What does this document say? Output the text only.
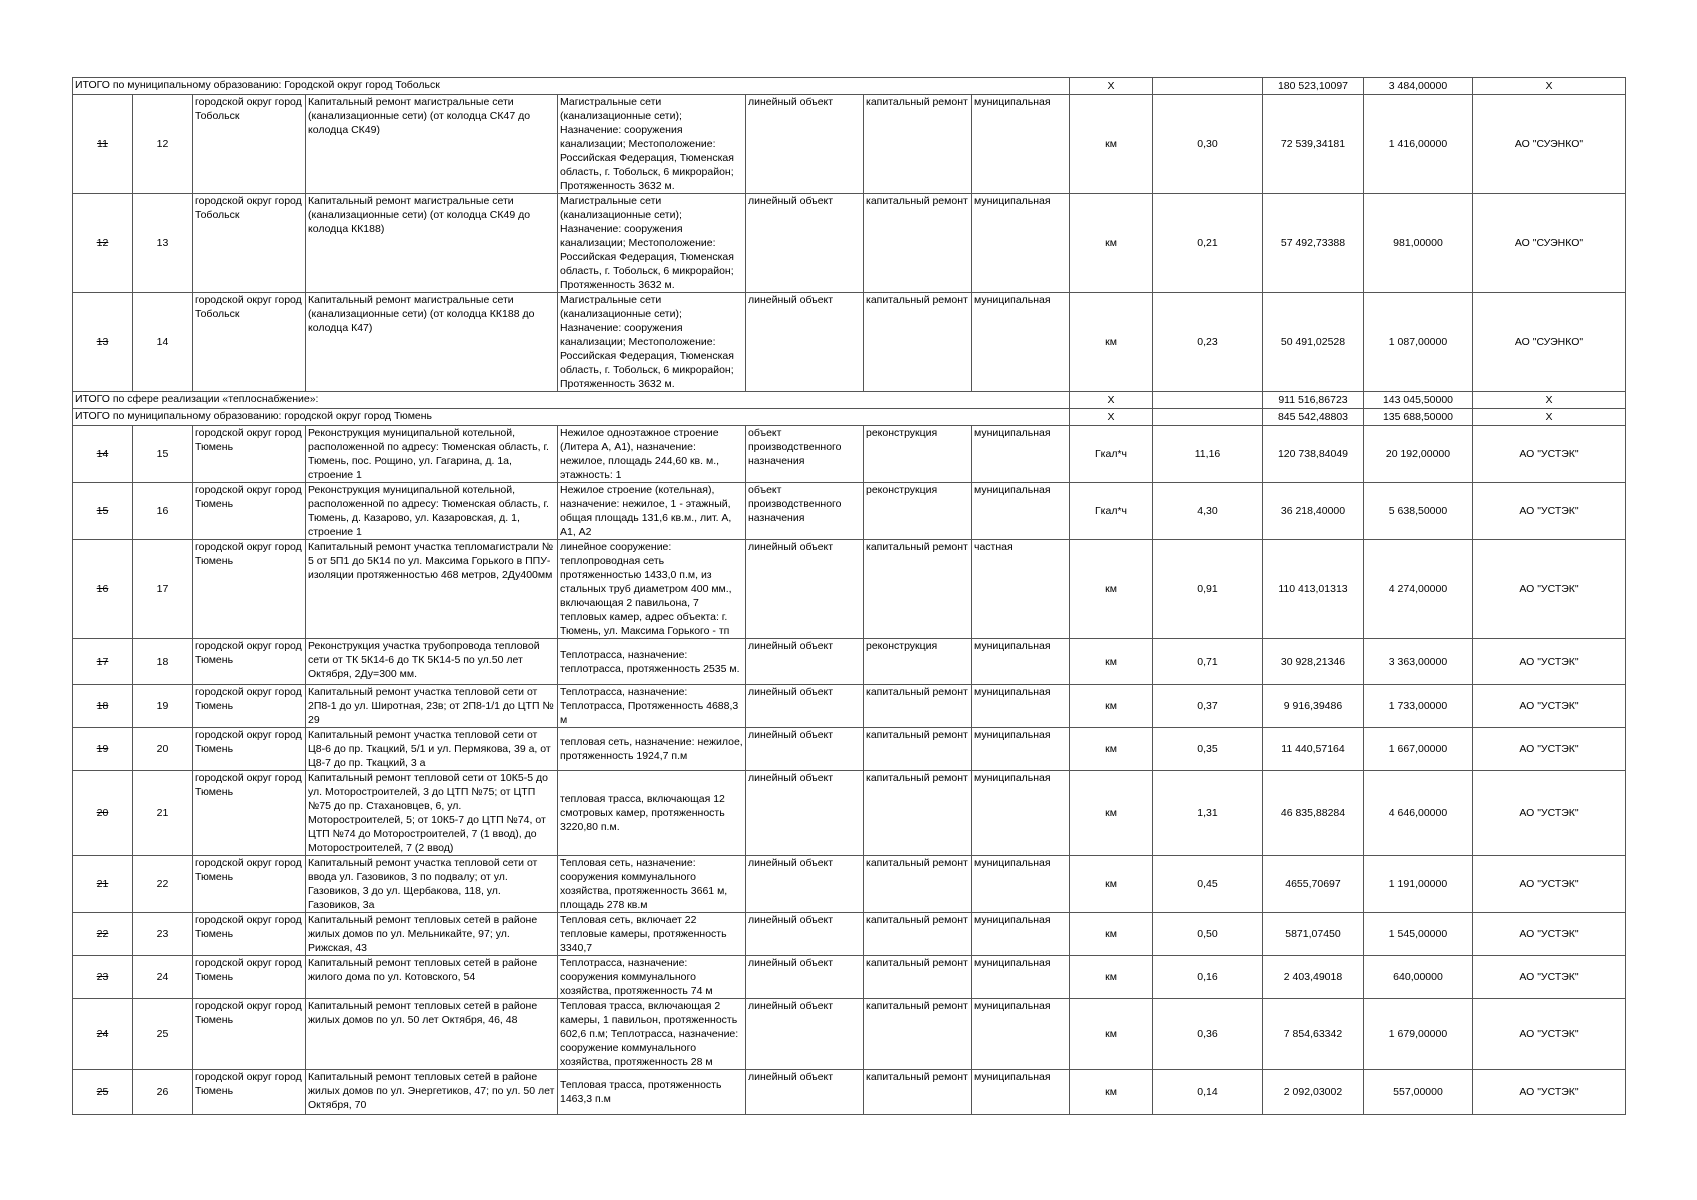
ИТОГО по муниципальному образованию: Городской округ город Тобольск								X		180 523,10097	3 484,00000	X
11	12	городской округ город Тобольск	Капитальный ремонт магистральные сети (канализационные сети) (от колодца СК47 до колодца СК49)	Магистральные сети (канализационные сети); Назначение: сооружения канализации; Местоположение: Российская Федерация, Тюменская область, г. Тобольск, 6 микрорайон; Протяженность 3632 м.	линейный объект	капитальный ремонт	муниципальная	км	0,30	72 539,34181	1 416,00000	АО "СУЭНКО"
12	13	городской округ город Тобольск	Капитальный ремонт магистральные сети (канализационные сети) (от колодца СК49 до колодца КК188)	Магистральные сети (канализационные сети); Назначение: сооружения канализации; Местоположение: Российская Федерация, Тюменская область, г. Тобольск, 6 микрорайон; Протяженность 3632 м.	линейный объект	капитальный ремонт	муниципальная	км	0,21	57 492,73388	981,00000	АО "СУЭНКО"
13	14	городской округ город Тобольск	Капитальный ремонт магистральные сети (канализационные сети) (от колодца КК188 до колодца К47)	Магистральные сети (канализационные сети); Назначение: сооружения канализации; Местоположение: Российская Федерация, Тюменская область, г. Тобольск, 6 микрорайон; Протяженность 3632 м.	линейный объект	капитальный ремонт	муниципальная	км	0,23	50 491,02528	1 087,00000	АО "СУЭНКО"
ИТОГО по сфере реализации «теплоснабжение»:								X		911 516,86723	143 045,50000	X
ИТОГО по муниципальному образованию: городской округ город Тюмень								X		845 542,48803	135 688,50000	X
14	15	городской округ город Тюмень	Реконструкция муниципальной котельной, расположенной по адресу: Тюменская область, г. Тюмень, пос. Рощино, ул. Гагарина, д. 1а, строение 1	Нежилое одноэтажное строение (Литера А, А1), назначение: нежилое, площадь 244,60 кв. м., этажность: 1	объект производственного назначения	реконструкция	муниципальная	Гкал*ч	11,16	120 738,84049	20 192,00000	АО "УСТЭК"
15	16	городской округ город Тюмень	Реконструкция муниципальной котельной, расположенной по адресу: Тюменская область, г. Тюмень, д. Казарово, ул. Казаровская, д. 1, строение 1	Нежилое строение (котельная), назначение: нежилое, 1 - этажный, общая площадь 131,6 кв.м., лит. А, А1, А2	объект производственного назначения	реконструкция	муниципальная	Гкал*ч	4,30	36 218,40000	5 638,50000	АО "УСТЭК"
16	17	городской округ город Тюмень	Капитальный ремонт участка тепломагистрали № 5 от 5П1 до 5К14 по ул. Максима Горького в ППУ-изоляции протяженностью 468 метров, 2Ду400мм	линейное сооружение: теплопроводная сеть протяженностью 1433,0 п.м, из стальных труб диаметром 400 мм., включающая 2 павильона, 7 тепловых камер, адрес объекта: г. Тюмень, ул. Максима Горького - тп	линейный объект	капитальный ремонт	частная	км	0,91	110 413,01313	4 274,00000	АО "УСТЭК"
17	18	городской округ город Тюмень	Реконструкция участка трубопровода тепловой сети от ТК 5К14-6 до ТК 5К14-5 по ул.50 лет Октября, 2Ду=300 мм.	Теплотрасса, назначение: теплотрасса, протяженность 2535 м.	линейный объект	реконструкция	муниципальная	км	0,71	30 928,21346	3 363,00000	АО "УСТЭК"
18	19	городской округ город Тюмень	Капитальный ремонт участка тепловой сети от 2П8-1 до ул. Широтная, 23в; от 2П8-1/1 до ЦТП № 29	Теплотрасса, назначение: Теплотрасса, Протяженность 4688,3 м	линейный объект	капитальный ремонт	муниципальная	км	0,37	9 916,39486	1 733,00000	АО "УСТЭК"
19	20	городской округ город Тюмень	Капитальный ремонт участка тепловой сети от Ц8-6 до пр. Ткацкий, 5/1 и ул. Пермякова, 39 а, от Ц8-7 до пр. Ткацкий, 3 а	тепловая сеть, назначение: нежилое, протяженность 1924,7 п.м	линейный объект	капитальный ремонт	муниципальная	км	0,35	11 440,57164	1 667,00000	АО "УСТЭК"
20	21	городской округ город Тюмень	Капитальный ремонт тепловой сети от 10К5-5 до ул. Моторостроителей, 3 до ЦТП №75; от ЦТП №75 до пр. Стахановцев, 6, ул. Моторостроителей, 5; от 10К5-7 до ЦТП №74, от ЦТП №74 до Моторостроителей, 7 (1 ввод), до Моторостроителей, 7 (2 ввод)	тепловая трасса, включающая 12 смотровых камер, протяженность 3220,80 п.м.	линейный объект	капитальный ремонт	муниципальная	км	1,31	46 835,88284	4 646,00000	АО "УСТЭК"
21	22	городской округ город Тюмень	Капитальный ремонт участка тепловой сети от ввода ул. Газовиков, 3 по подвалу; от ул. Газовиков, 3 до ул. Щербакова, 118, ул. Газовиков, 3а	Тепловая сеть, назначение: сооружения коммунального хозяйства, протяженность 3661 м, площадь 278 кв.м	линейный объект	капитальный ремонт	муниципальная	км	0,45	4655,70697	1 191,00000	АО "УСТЭК"
22	23	городской округ город Тюмень	Капитальный ремонт тепловых сетей в районе жилых домов по ул. Мельникайте, 97; ул. Рижская, 43	Тепловая сеть, включает 22 тепловые камеры, протяженность 3340,7	линейный объект	капитальный ремонт	муниципальная	км	0,50	5871,07450	1 545,00000	АО "УСТЭК"
23	24	городской округ город Тюмень	Капитальный ремонт тепловых сетей в районе жилого дома по ул. Котовского, 54	Теплотрасса, назначение: сооружения коммунального хозяйства, протяженность 74 м	линейный объект	капитальный ремонт	муниципальная	км	0,16	2 403,49018	640,00000	АО "УСТЭК"
24	25	городской округ город Тюмень	Капитальный ремонт тепловых сетей в районе жилых домов по ул. 50 лет Октября, 46, 48	Тепловая трасса, включающая 2 камеры, 1 павильон, протяженность 602,6 п.м; Теплотрасса, назначение: сооружение коммунального хозяйства, протяженность 28 м	линейный объект	капитальный ремонт	муниципальная	км	0,36	7 854,63342	1 679,00000	АО "УСТЭК"
25	26	городской округ город Тюмень	Капитальный ремонт тепловых сетей в районе жилых домов по ул. Энергетиков, 47; по ул. 50 лет Октября, 70	Тепловая трасса, протяженность 1463,3 п.м	линейный объект	капитальный ремонт	муниципальная	км	0,14	2 092,03002	557,00000	АО "УСТЭК"
